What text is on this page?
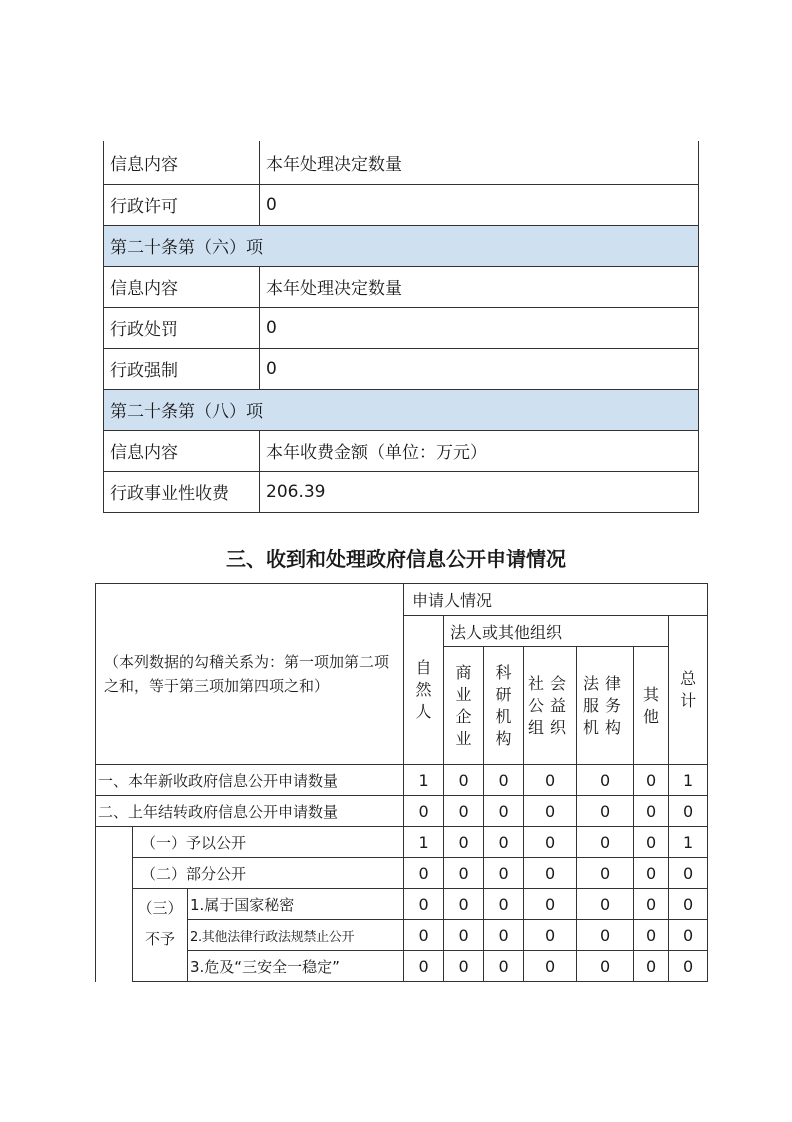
信息内容	本年处理决定数量
行政许可	0
第二十条第（六）项	
信息内容	本年处理决定数量
行政处罚	0
行政强制	0
第二十条第（八）项	
信息内容	本年收费金额（单位：万元）
行政事业性收费	206.39
三、收到和处理政府信息公开申请情况
（本列数据的勾稽关系为：第一项加第二项之和，等于第三项加第四项之和）			申请人情况						
			自然人	法人或其他组织					总计
				商业企业	科研机构	社会公益组织	法律服务机构	其他	
一、本年新收政府信息公开申请数量			1	0	0	0	0	0	1
二、上年结转政府信息公开申请数量			0	0	0	0	0	0	0
	（一）予以公开		1	0	0	0	0	0	1
	（二）部分公开		0	0	0	0	0	0	0
	（三）不予	1.属于国家秘密	0	0	0	0	0	0	0
		2.其他法律行政法规禁止公开	0	0	0	0	0	0	0
		3.危及“三安全一稳定”	0	0	0	0	0	0	0
